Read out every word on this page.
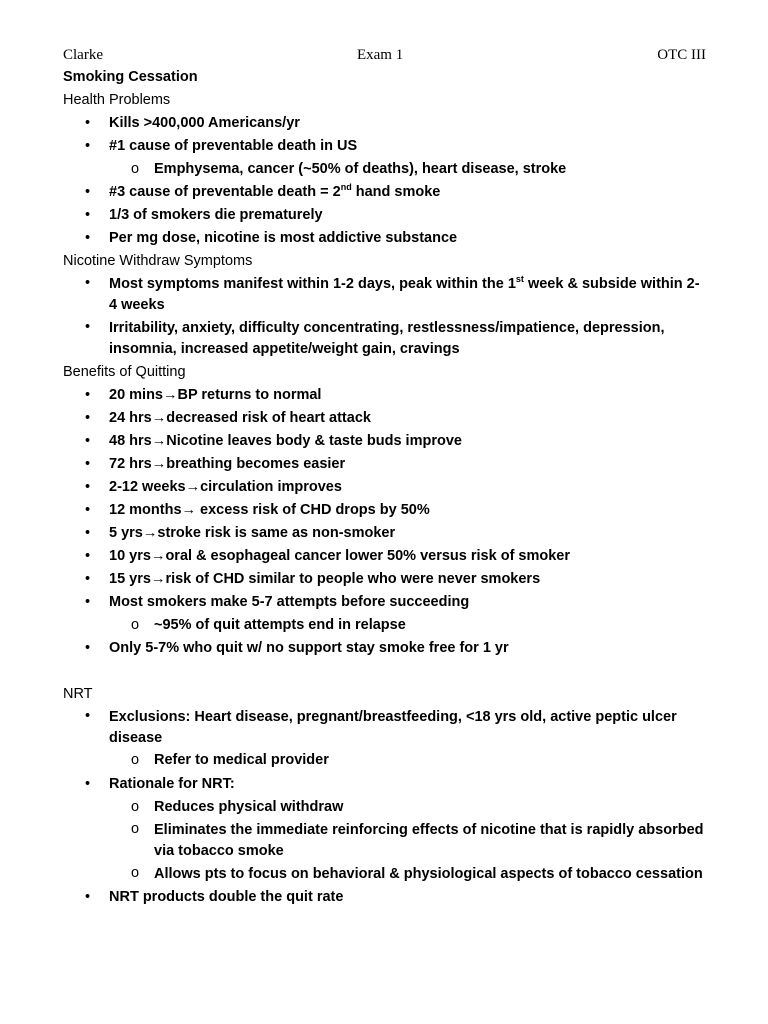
Clarke	Exam 1	OTC III
Smoking Cessation
Health Problems
• Kills >400,000 Americans/yr
• #1 cause of preventable death in US
o Emphysema, cancer (~50% of deaths), heart disease, stroke
• #3 cause of preventable death = 2nd hand smoke
• 1/3 of smokers die prematurely
• Per mg dose, nicotine is most addictive substance
Nicotine Withdraw Symptoms
• Most symptoms manifest within 1-2 days, peak within the 1st week & subside within 2-4 weeks
• Irritability, anxiety, difficulty concentrating, restlessness/impatience, depression, insomnia, increased appetite/weight gain, cravings
Benefits of Quitting
• 20 mins→BP returns to normal
• 24 hrs→decreased risk of heart attack
• 48 hrs→Nicotine leaves body & taste buds improve
• 72 hrs→breathing becomes easier
• 2-12 weeks→circulation improves
• 12 months→ excess risk of CHD drops by 50%
• 5 yrs→stroke risk is same as non-smoker
• 10 yrs→oral & esophageal cancer lower 50% versus risk of smoker
• 15 yrs→risk of CHD similar to people who were never smokers
• Most smokers make 5-7 attempts before succeeding
o ~95% of quit attempts end in relapse
• Only 5-7% who quit w/ no support stay smoke free for 1 yr
NRT
• Exclusions: Heart disease, pregnant/breastfeeding, <18 yrs old, active peptic ulcer disease
o Refer to medical provider
• Rationale for NRT:
o Reduces physical withdraw
o Eliminates the immediate reinforcing effects of nicotine that is rapidly absorbed via tobacco smoke
o Allows pts to focus on behavioral & physiological aspects of tobacco cessation
• NRT products double the quit rate
